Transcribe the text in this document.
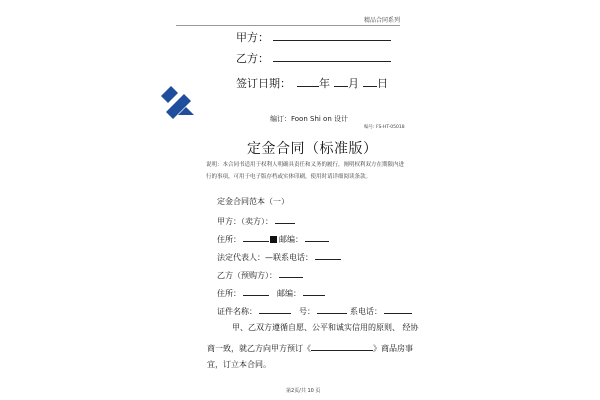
精品合同系列
甲方：
乙方：
签订日期：	年 月 日
编订：Foon Shi on 设计
编号: FS-HT-05018
定金合同（标准版）
说明：本合同书适用于权利人明确具责任和义务的履行，阐明权利双方在期限内进
行的事项，可用于电子版存档或实体印刷，使用时请详细阅读条款。
定金合同范本（一）
甲方：（卖方）：
住所：	邮编：
法定代表人：—联系电话：
乙方（预购方）：
住所：	邮编：
证件名称：	号：	系电话：
甲、乙双方遵循自愿、公平和诚实信用的原则、 经协
商一致，就乙方向甲方预订《	》商品房事
宜，订立本合同。
第2页/共 10 页
